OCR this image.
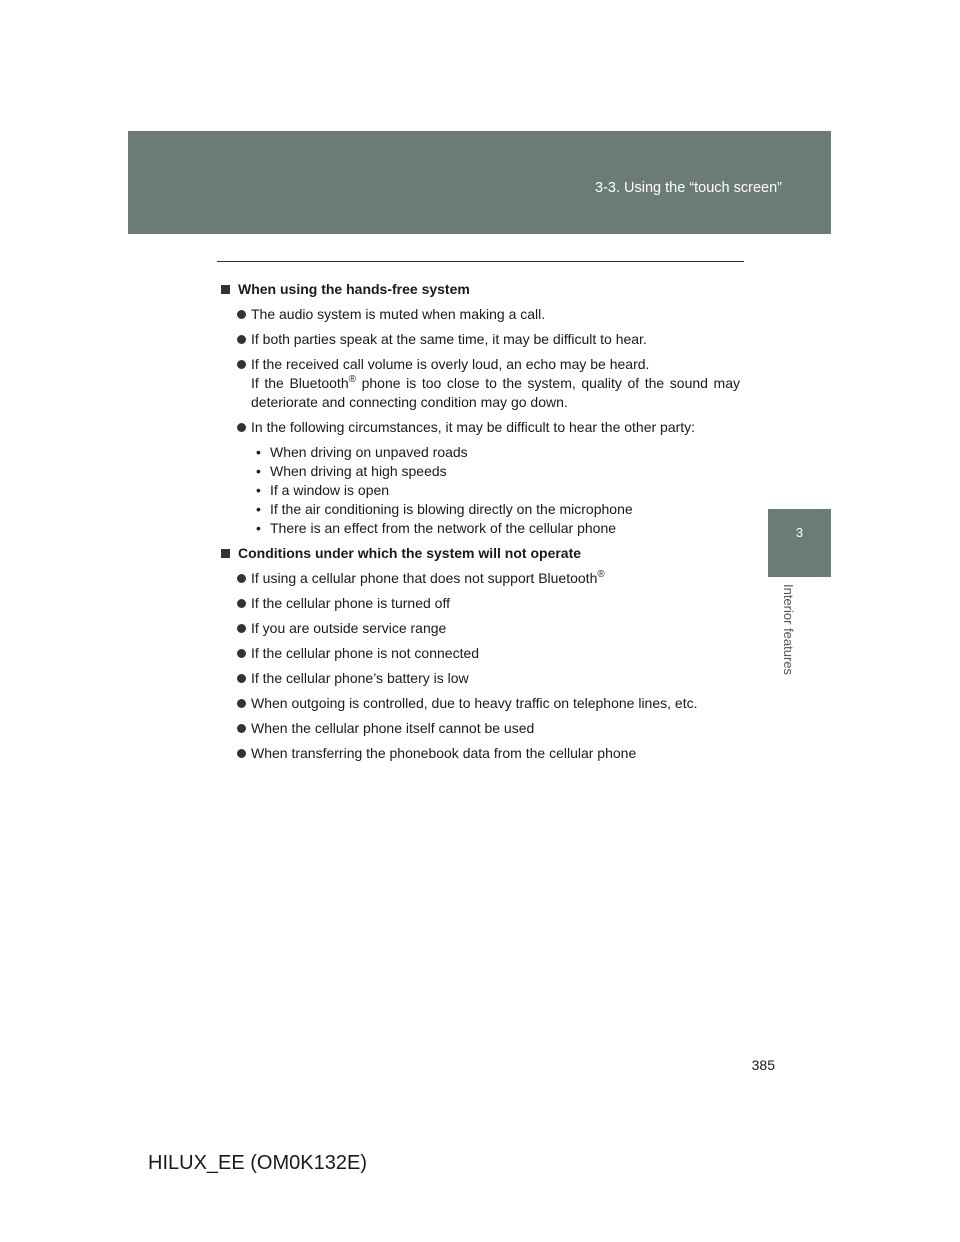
3-3. Using the “touch screen”
3
Interior features
When using the hands-free system
The audio system is muted when making a call.
If both parties speak at the same time, it may be difficult to hear.
If the received call volume is overly loud, an echo may be heard.
If the Bluetooth® phone is too close to the system, quality of the sound may deteriorate and connecting condition may go down.
In the following circumstances, it may be difficult to hear the other party:
• When driving on unpaved roads
• When driving at high speeds
• If a window is open
• If the air conditioning is blowing directly on the microphone
• There is an effect from the network of the cellular phone
Conditions under which the system will not operate
If using a cellular phone that does not support Bluetooth®
If the cellular phone is turned off
If you are outside service range
If the cellular phone is not connected
If the cellular phone’s battery is low
When outgoing is controlled, due to heavy traffic on telephone lines, etc.
When the cellular phone itself cannot be used
When transferring the phonebook data from the cellular phone
385
HILUX_EE (OM0K132E)
